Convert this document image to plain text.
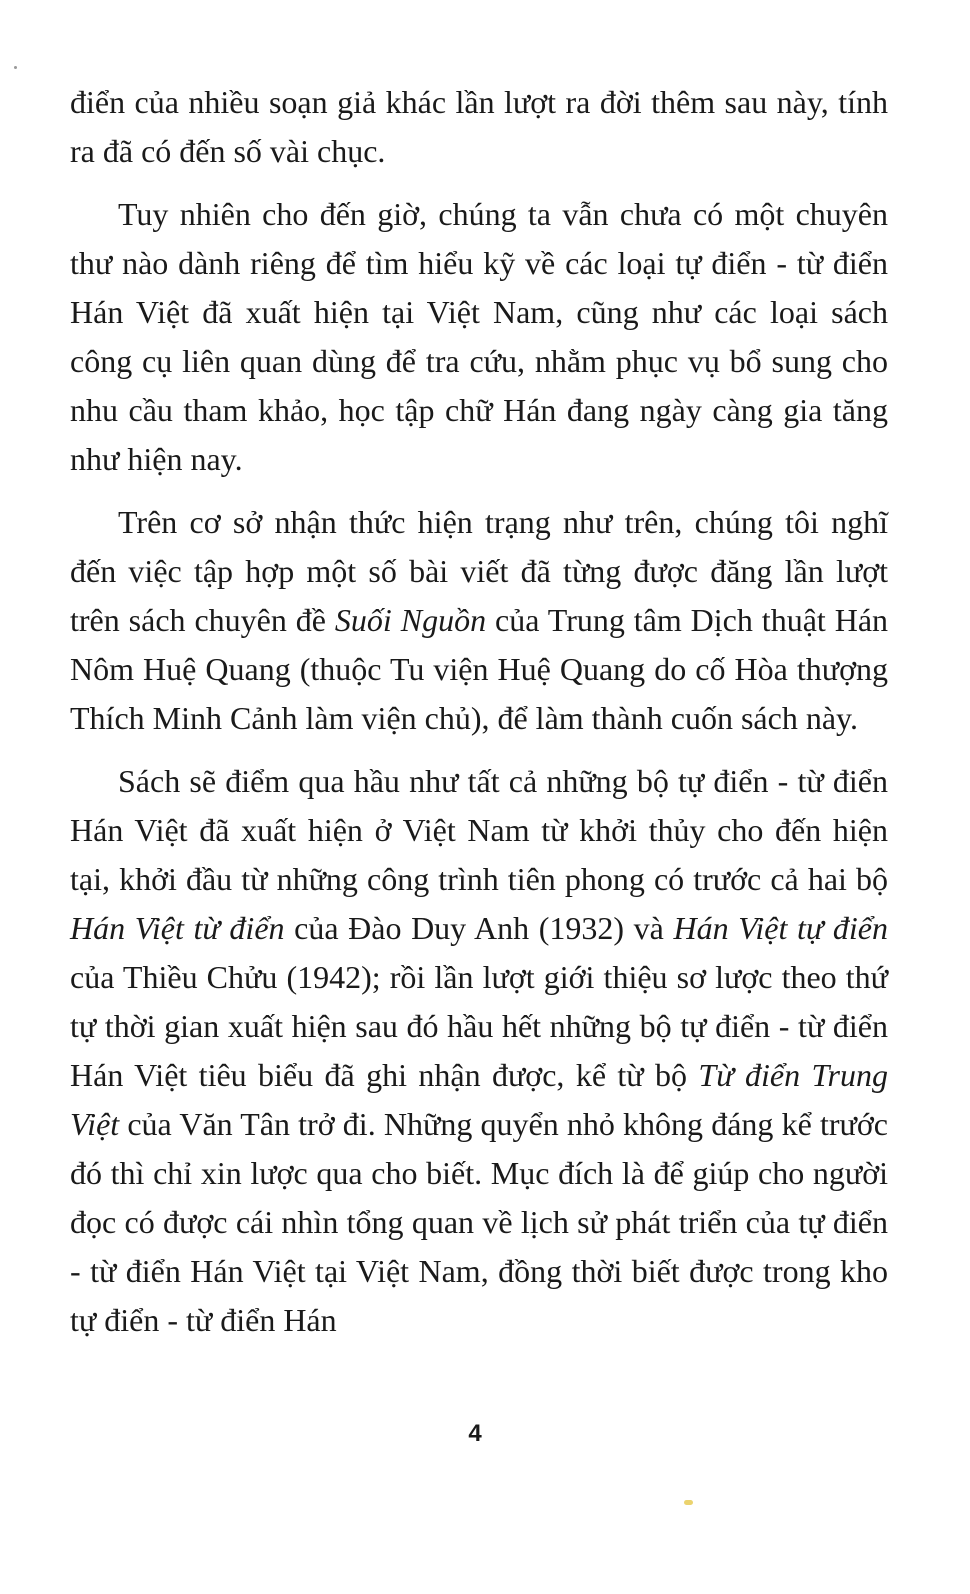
điển của nhiều soạn giả khác lần lượt ra đời thêm sau này, tính ra đã có đến số vài chục.

Tuy nhiên cho đến giờ, chúng ta vẫn chưa có một chuyên thư nào dành riêng để tìm hiểu kỹ về các loại tự điển - từ điển Hán Việt đã xuất hiện tại Việt Nam, cũng như các loại sách công cụ liên quan dùng để tra cứu, nhằm phục vụ bổ sung cho nhu cầu tham khảo, học tập chữ Hán đang ngày càng gia tăng như hiện nay.

Trên cơ sở nhận thức hiện trạng như trên, chúng tôi nghĩ đến việc tập hợp một số bài viết đã từng được đăng lần lượt trên sách chuyên đề Suối Nguồn của Trung tâm Dịch thuật Hán Nôm Huệ Quang (thuộc Tu viện Huệ Quang do cố Hòa thượng Thích Minh Cảnh làm viện chủ), để làm thành cuốn sách này.

Sách sẽ điểm qua hầu như tất cả những bộ tự điển - từ điển Hán Việt đã xuất hiện ở Việt Nam từ khởi thủy cho đến hiện tại, khởi đầu từ những công trình tiên phong có trước cả hai bộ Hán Việt từ điển của Đào Duy Anh (1932) và Hán Việt tự điển của Thiều Chửu (1942); rồi lần lượt giới thiệu sơ lược theo thứ tự thời gian xuất hiện sau đó hầu hết những bộ tự điển - từ điển Hán Việt tiêu biểu đã ghi nhận được, kể từ bộ Từ điển Trung Việt của Văn Tân trở đi. Những quyển nhỏ không đáng kể trước đó thì chỉ xin lược qua cho biết. Mục đích là để giúp cho người đọc có được cái nhìn tổng quan về lịch sử phát triển của tự điển - từ điển Hán Việt tại Việt Nam, đồng thời biết được trong kho tự điển - từ điển Hán

4
